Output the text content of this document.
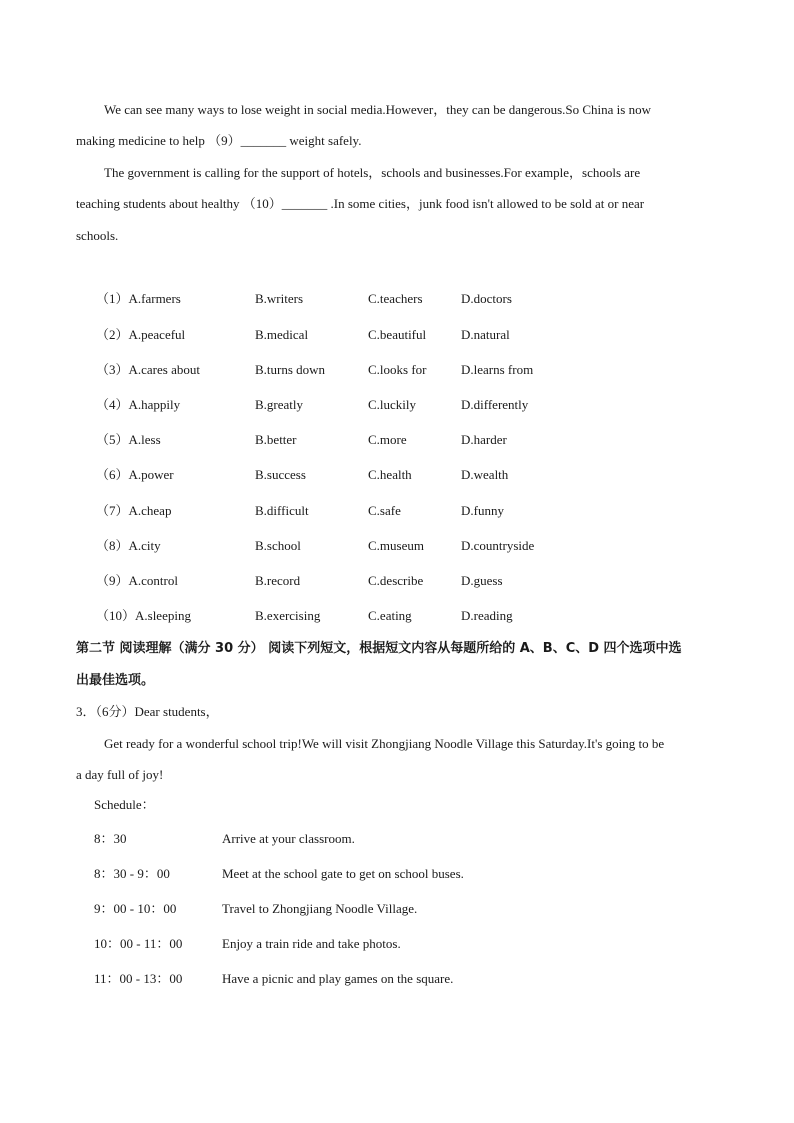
We can see many ways to lose weight in social media.However，they can be dangerous.So China is now
making medicine to help （9）_______ weight safely.
The government is calling for the support of hotels，schools and businesses.For example，schools are
teaching students about healthy （10）_______ .In some cities，junk food isn't allowed to be sold at or near
schools.
（1）A.farmers	B.writers	C.teachers	D.doctors
（2）A.peaceful	B.medical	C.beautiful	D.natural
（3）A.cares about	B.turns down	C.looks for	D.learns from
（4）A.happily	B.greatly	C.luckily	D.differently
（5）A.less	B.better	C.more	D.harder
（6）A.power	B.success	C.health	D.wealth
（7）A.cheap	B.difficult	C.safe	D.funny
（8）A.city	B.school	C.museum	D.countryside
（9）A.control	B.record	C.describe	D.guess
（10）A.sleeping	B.exercising	C.eating	D.reading
第二节 阅读理解（满分 30 分） 阅读下列短文，根据短文内容从每题所给的 A、B、C、D 四个选项中选
出最佳选项。
3．（6分）Dear students，
Get ready for a wonderful school trip!We will visit Zhongjiang Noodle Village this Saturday.It's going to be
a day full of joy!
Schedule：
8：30	Arrive at your classroom.
8：30 - 9：00	Meet at the school gate to get on school buses.
9：00 - 10：00	Travel to Zhongjiang Noodle Village.
10：00 - 11：00	Enjoy a train ride and take photos.
11：00 - 13：00	Have a picnic and play games on the square.
